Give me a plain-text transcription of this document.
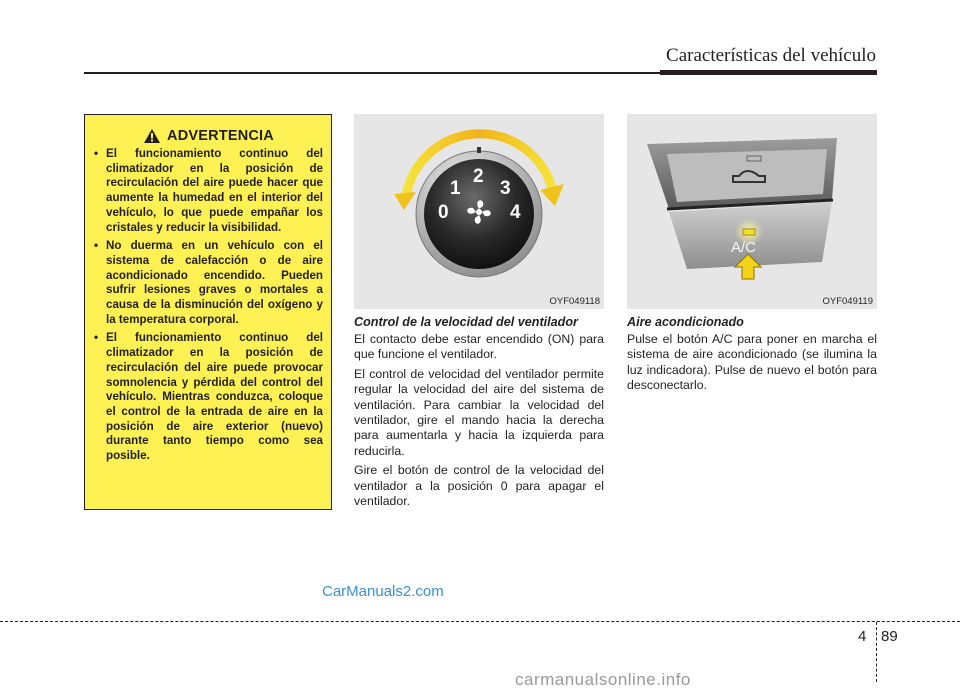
Características del vehículo
ADVERTENCIA
• El funcionamiento continuo del climatizador en la posición de recirculación del aire puede hacer que aumente la humedad en el interior del vehículo, lo que puede empañar los cristales y reducir la visibilidad.
• No duerma en un vehículo con el sistema de calefacción o de aire acondicionado encendido. Pueden sufrir lesiones graves o mortales a causa de la disminución del oxígeno y la temperatura corporal.
• El funcionamiento continuo del climatizador en la posición de recirculación del aire puede provocar somnolencia y pérdida del control del vehículo. Mientras conduzca, coloque el control de la entrada de aire en la posición de aire exterior (nuevo) durante tanto tiempo como sea posible.
0
1
2
3
4
OYF049118
A/C
OYF049119
Control de la velocidad del ventilador

El contacto debe estar encendido (ON) para que funcione el ventilador.

El control de velocidad del ventilador permite regular la velocidad del aire del sistema de ventilación. Para cambiar la velocidad del ventilador, gire el mando hacia la derecha para aumentarla y hacia la izquierda para reducirla.

Gire el botón de control de la velocidad del ventilador a la posición 0 para apagar el ventilador.

Aire acondicionado

Pulse el botón A/C para poner en marcha el sistema de aire acondicionado (se ilumina la luz indicadora). Pulse de nuevo el botón para desconectarlo.

CarManuals2.com
4 89
carmanualsonline.info
